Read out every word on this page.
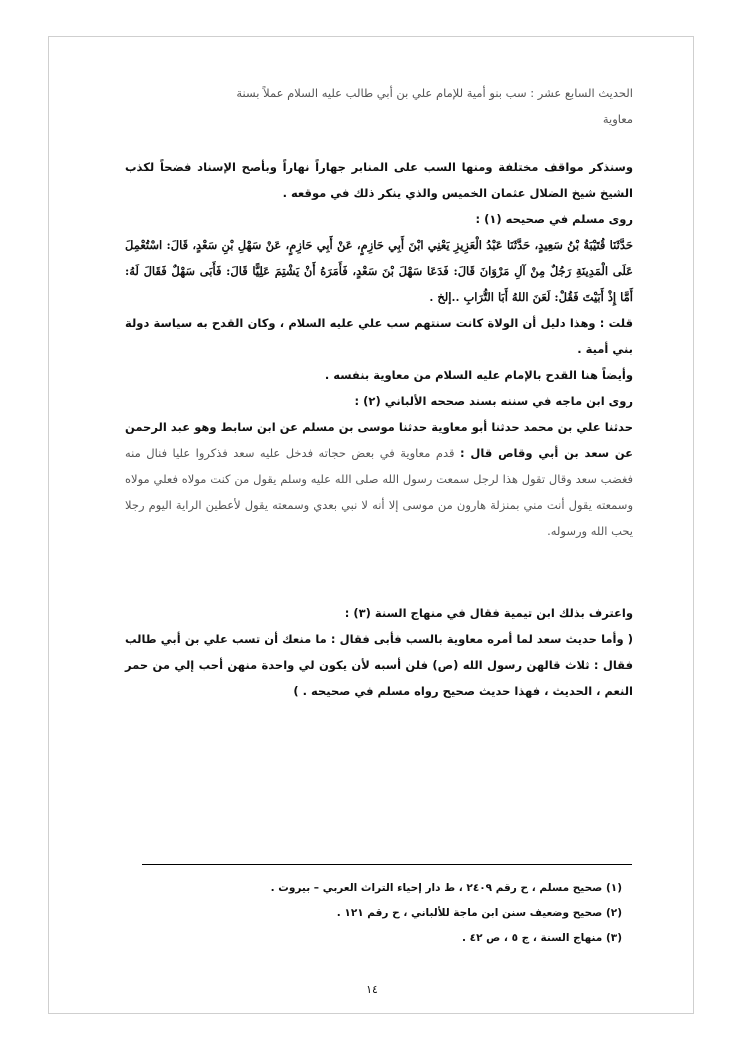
الحديث السابع عشر : سب بنو أمية للإمام علي بن أبي طالب عليه السلام عملاً بسنة
معاوية

وسنذكر مواقف مختلفة ومنها السب على المنابر جهاراً نهاراً وبأصح الإسناد فضحاً لكذب الشيخ شيخ الضلال عثمان الخميس والذي ينكر ذلك في موقعه .

روى مسلم في صحيحه (١) :

حَدَّثَنَا قُتَيْبَةُ بْنُ سَعِيدٍ، حَدَّثَنَا عَبْدُ الْعَزِيزِ يَعْنِي ابْنَ أَبِي حَازِمٍ، عَنْ أَبِي حَازِمٍ، عَنْ سَهْلِ بْنِ سَعْدٍ، قَالَ: اسْتُعْمِلَ عَلَى الْمَدِينَةِ رَجُلٌ مِنْ آلِ مَرْوَانَ قَالَ: فَدَعَا سَهْلَ بْنَ سَعْدٍ، فَأَمَرَهُ أَنْ يَشْتِمَ عَلِيًّا قَالَ: فَأَبَى سَهْلٌ فَقَالَ لَهُ: أَمَّا إِذْ أَبَيْتَ فَقُلْ: لَعَنَ اللهُ أَبَا التُّرَابِ ..إلخ .

قلت : وهذا دليل أن الولاة كانت سنتهم سب علي عليه السلام ، وكان القدح به سياسة دولة بني أمية .

وأيضاً هنا القدح بالإمام عليه السلام من معاوية بنفسه .

روى ابن ماجه في سننه بسند صححه الألباني (٢) :

حدثنا علي بن محمد حدثنا أبو معاوية حدثنا موسى بن مسلم عن ابن سابط وهو عبد الرحمن عن سعد بن أبي وقاص قال : قدم معاوية في بعض حجاته فدخل عليه سعد فذكروا عليا فنال منه فغضب سعد وقال تقول هذا لرجل سمعت رسول الله صلى الله عليه وسلم يقول من كنت مولاه فعلي مولاه وسمعته يقول أنت مني بمنزلة هارون من موسى إلا أنه لا نبي بعدي وسمعته يقول لأعطين الراية اليوم رجلا يحب الله ورسوله.

واعترف بذلك ابن تيمية فقال في منهاج السنة (٣) :

( وأما حديث سعد لما أمره معاوية بالسب فأبى فقال : ما منعك أن تسب علي بن أبي طالب فقال : ثلاث قالهن رسول الله (ص) فلن أسبه لأن يكون لي واحدة منهن أحب إلي من حمر النعم ، الحديث ، فهذا حديث صحيح رواه مسلم في صحيحه . )

(١) صحيح مسلم ، ح رقم ٢٤٠٩ ، ط دار إحياء التراث العربي – بيروت .

(٢) صحيح وضعيف سنن ابن ماجة للألباني ، ح رقم ١٢١ .

(٣) منهاج السنة ، ج ٥ ، ص ٤٢ .

١٤
